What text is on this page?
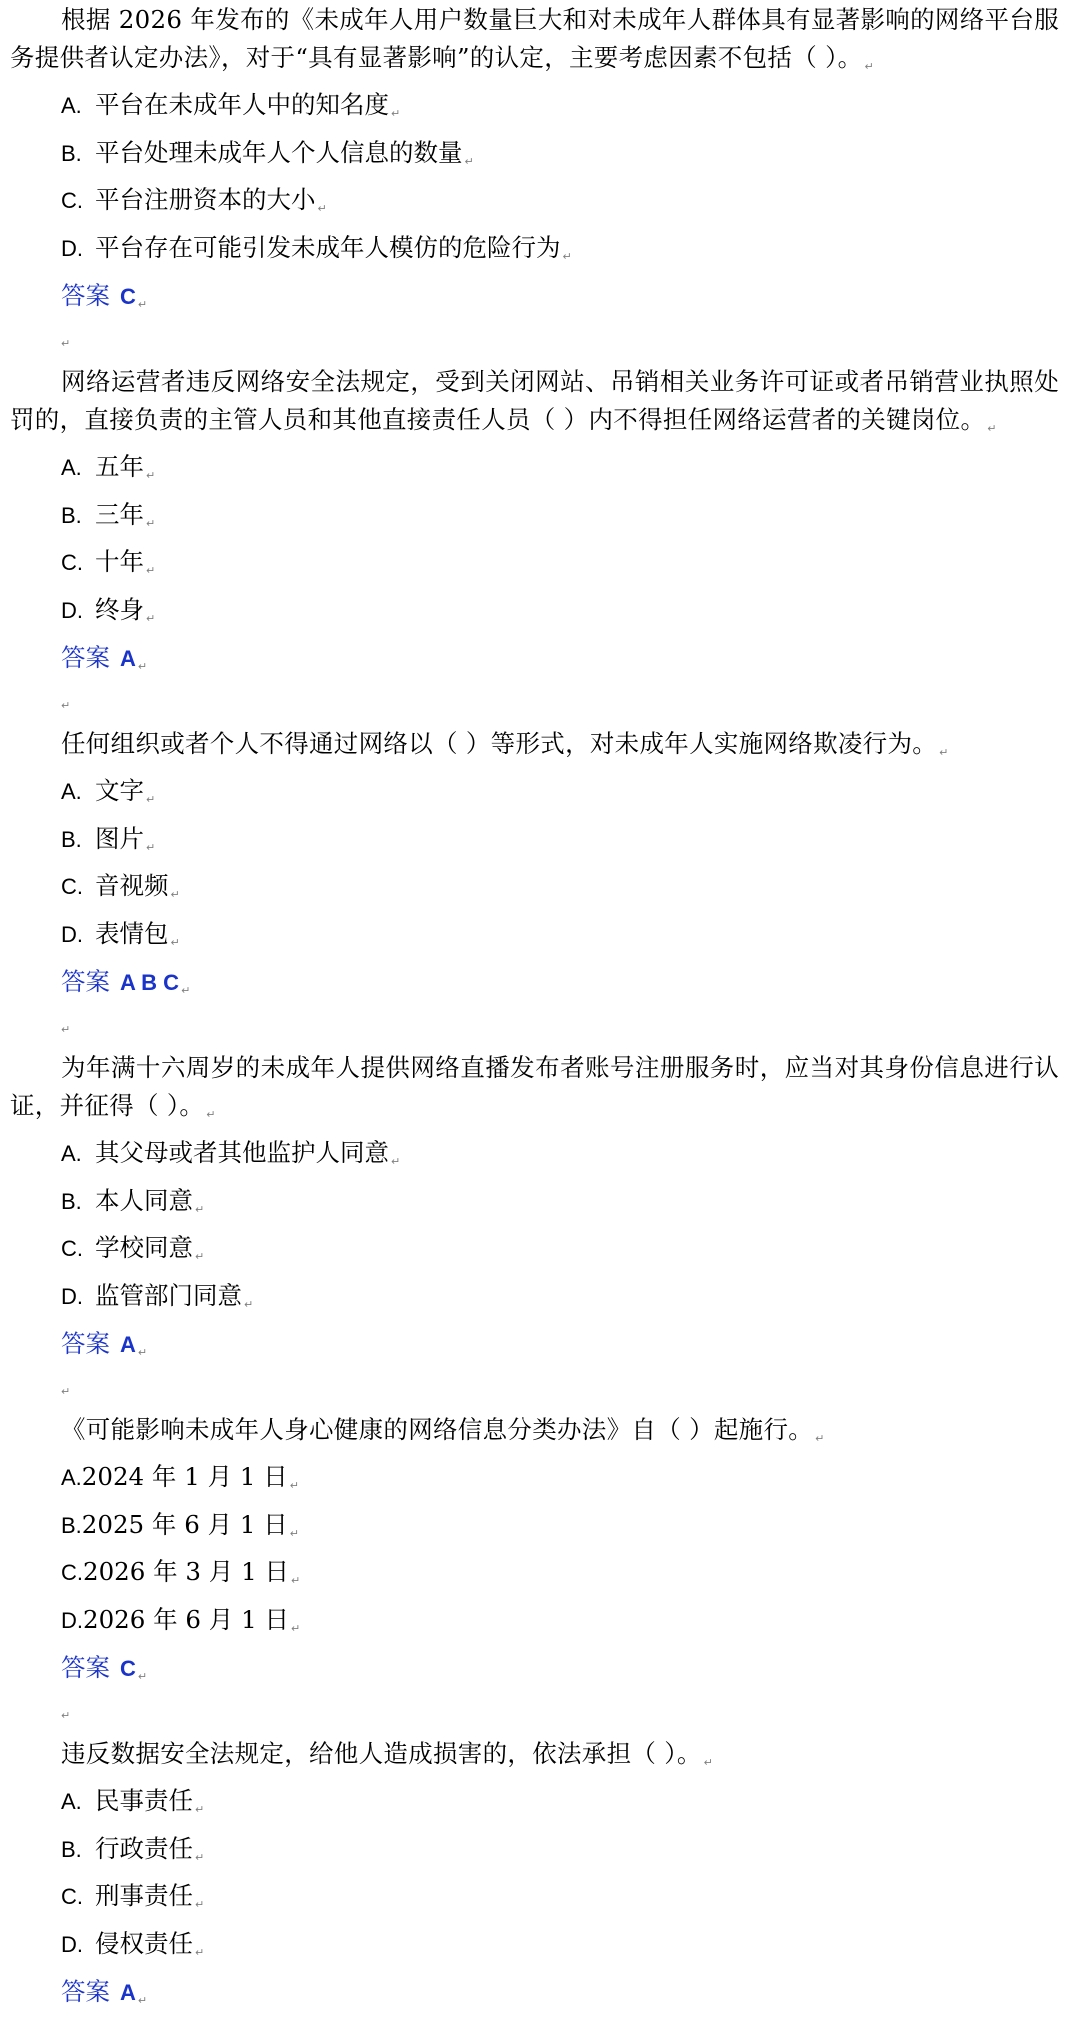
根据 2026 年发布的《未成年人用户数量巨大和对未成年人群体具有显著影响的网络平台服务提供者认定办法》，对于“具有显著影响”的认定，主要考虑因素不包括（ ）。 ↵

A. 平台在未成年人中的知名度 ↵

B. 平台处理未成年人个人信息的数量 ↵

C. 平台注册资本的大小 ↵

D. 平台存在可能引发未成年人模仿的危险行为 ↵

答案 C ↵

↵

网络运营者违反网络安全法规定，受到关闭网站、吊销相关业务许可证或者吊销营业执照处罚的，直接负责的主管人员和其他直接责任人员（ ）内不得担任网络运营者的关键岗位。 ↵

A. 五年 ↵

B. 三年 ↵

C. 十年 ↵

D. 终身 ↵

答案 A ↵

↵

任何组织或者个人不得通过网络以（ ）等形式，对未成年人实施网络欺凌行为。 ↵

A. 文字 ↵

B. 图片 ↵

C. 音视频 ↵

D. 表情包 ↵

答案 A B C ↵

↵

为年满十六周岁的未成年人提供网络直播发布者账号注册服务时，应当对其身份信息进行认证，并征得（ ）。 ↵

A. 其父母或者其他监护人同意 ↵

B. 本人同意 ↵

C. 学校同意 ↵

D. 监管部门同意 ↵

答案 A ↵

↵

《可能影响未成年人身心健康的网络信息分类办法》自（ ）起施行。 ↵

A.2024 年 1 月 1 日 ↵

B.2025 年 6 月 1 日 ↵

C.2026 年 3 月 1 日 ↵

D.2026 年 6 月 1 日 ↵

答案 C ↵

↵

违反数据安全法规定，给他人造成损害的，依法承担（ ）。 ↵

A. 民事责任 ↵

B. 行政责任 ↵

C. 刑事责任 ↵

D. 侵权责任 ↵

答案 A ↵
